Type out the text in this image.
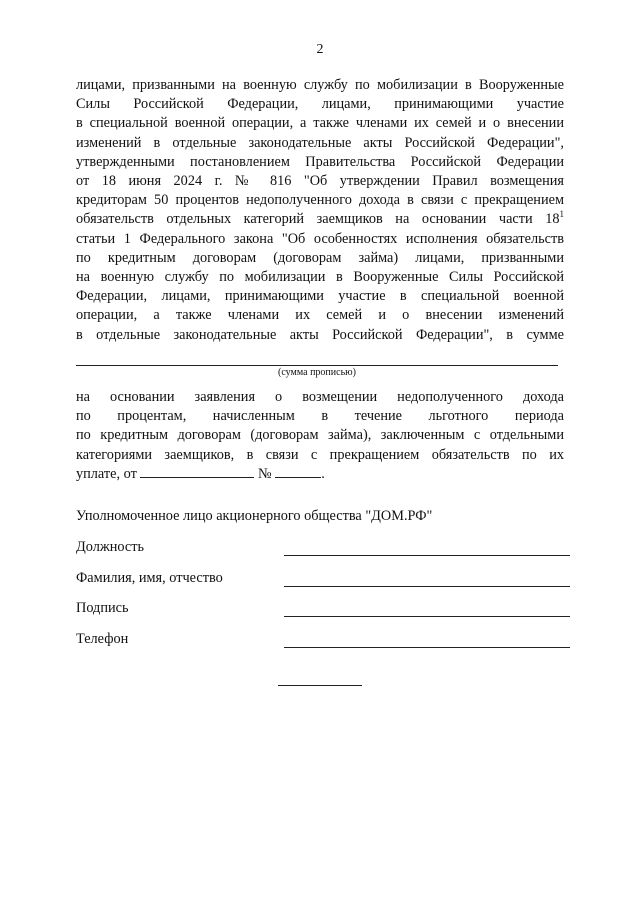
2
лицами, призванными на военную службу по мобилизации в Вооруженные
Силы Российской Федерации, лицами, принимающими участие
в специальной военной операции, а также членами их семей и о внесении
изменений в отдельные законодательные акты Российской Федерации",
утвержденными постановлением Правительства Российской Федерации
от 18 июня 2024 г. № 816 "Об утверждении Правил возмещения
кредиторам 50 процентов недополученного дохода в связи с прекращением
обязательств отдельных категорий заемщиков на основании части $18^1$
статьи 1 Федерального закона "Об особенностях исполнения обязательств
по кредитным договорам (договорам займа) лицами, призванными
на военную службу по мобилизации в Вооруженные Силы Российской
Федерации, лицами, принимающими участие в специальной военной
операции, а также членами их семей и о внесении изменений
в отдельные законодательные акты Российской Федерации", в сумме
(сумма прописью)
на основании заявления о возмещении недополученного дохода
по процентам, начисленным в течение льготного периода
по кредитным договорам (договорам займа), заключенным с отдельными
категориями заемщиков, в связи с прекращением обязательств по их
уплате, от	№	.
Уполномоченное лицо акционерного общества "ДОМ.РФ"
Должность
Фамилия, имя, отчество
Подпись
Телефон
